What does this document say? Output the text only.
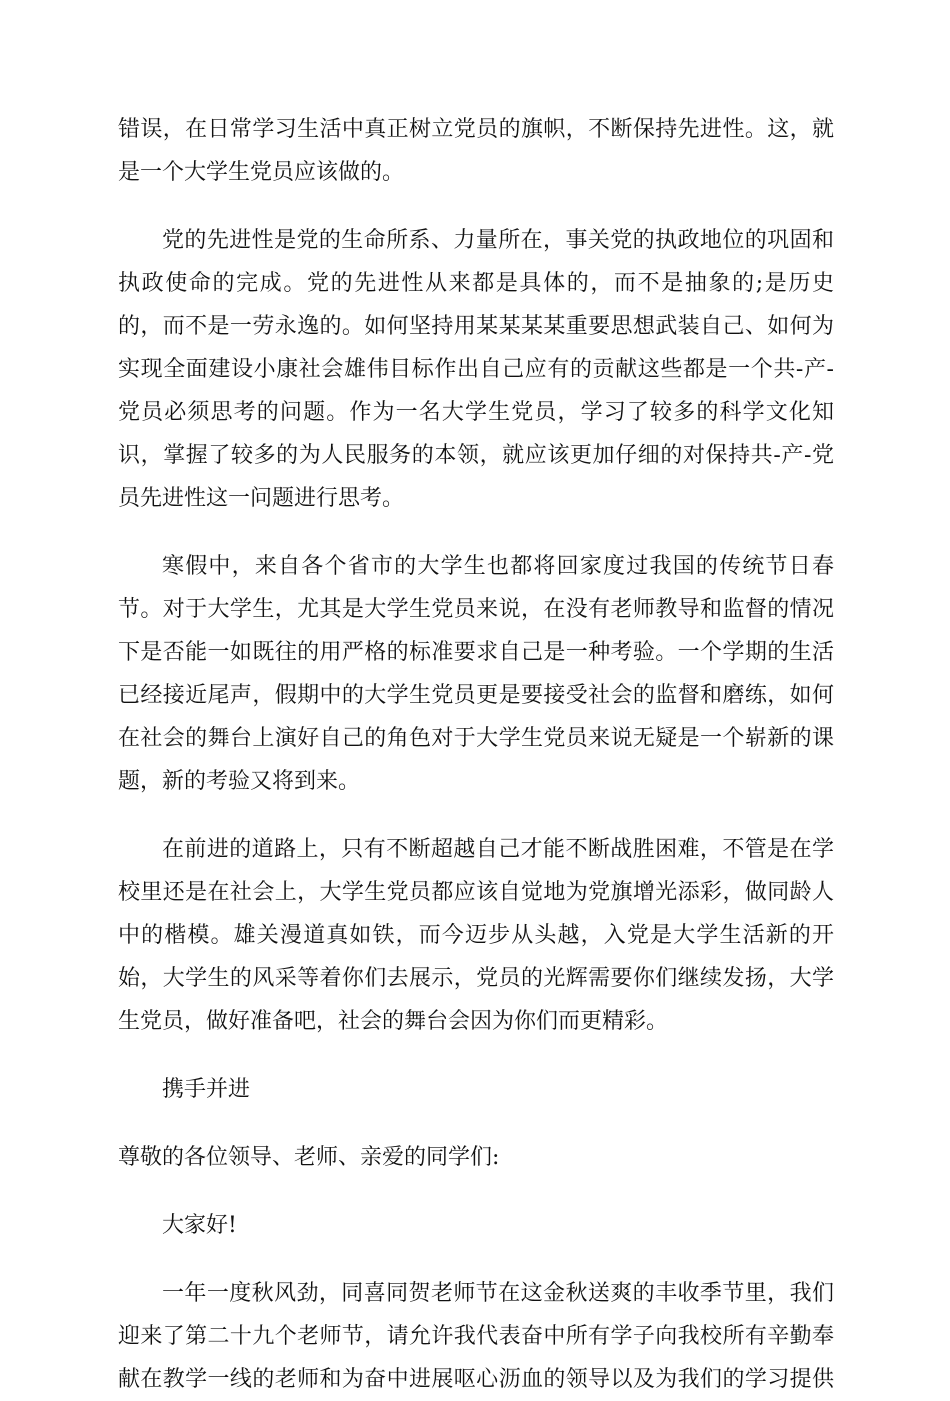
错误，在日常学习生活中真正树立党员的旗帜，不断保持先进性。这，就
是一个大学生党员应该做的。
党的先进性是党的生命所系、力量所在，事关党的执政地位的巩固和
执政使命的完成。党的先进性从来都是具体的，而不是抽象的;是历史
的，而不是一劳永逸的。如何坚持用某某某某重要思想武装自己、如何为
实现全面建设小康社会雄伟目标作出自己应有的贡献这些都是一个共-产-
党员必须思考的问题。作为一名大学生党员，学习了较多的科学文化知
识，掌握了较多的为人民服务的本领，就应该更加仔细的对保持共-产-党
员先进性这一问题进行思考。
寒假中，来自各个省市的大学生也都将回家度过我国的传统节日春
节。对于大学生，尤其是大学生党员来说，在没有老师教导和监督的情况
下是否能一如既往的用严格的标准要求自己是一种考验。一个学期的生活
已经接近尾声，假期中的大学生党员更是要接受社会的监督和磨练，如何
在社会的舞台上演好自己的角色对于大学生党员来说无疑是一个崭新的课
题，新的考验又将到来。
在前进的道路上，只有不断超越自己才能不断战胜困难，不管是在学
校里还是在社会上，大学生党员都应该自觉地为党旗增光添彩，做同龄人
中的楷模。雄关漫道真如铁，而今迈步从头越，入党是大学生活新的开
始，大学生的风采等着你们去展示，党员的光辉需要你们继续发扬，大学
生党员，做好准备吧，社会的舞台会因为你们而更精彩。
携手并进
尊敬的各位领导、老师、亲爱的同学们:
大家好!
一年一度秋风劲，同喜同贺老师节在这金秋送爽的丰收季节里，我们
迎来了第二十九个老师节，请允许我代表奋中所有学子向我校所有辛勤奉
献在教学一线的老师和为奋中进展呕心沥血的领导以及为我们的学习提供
